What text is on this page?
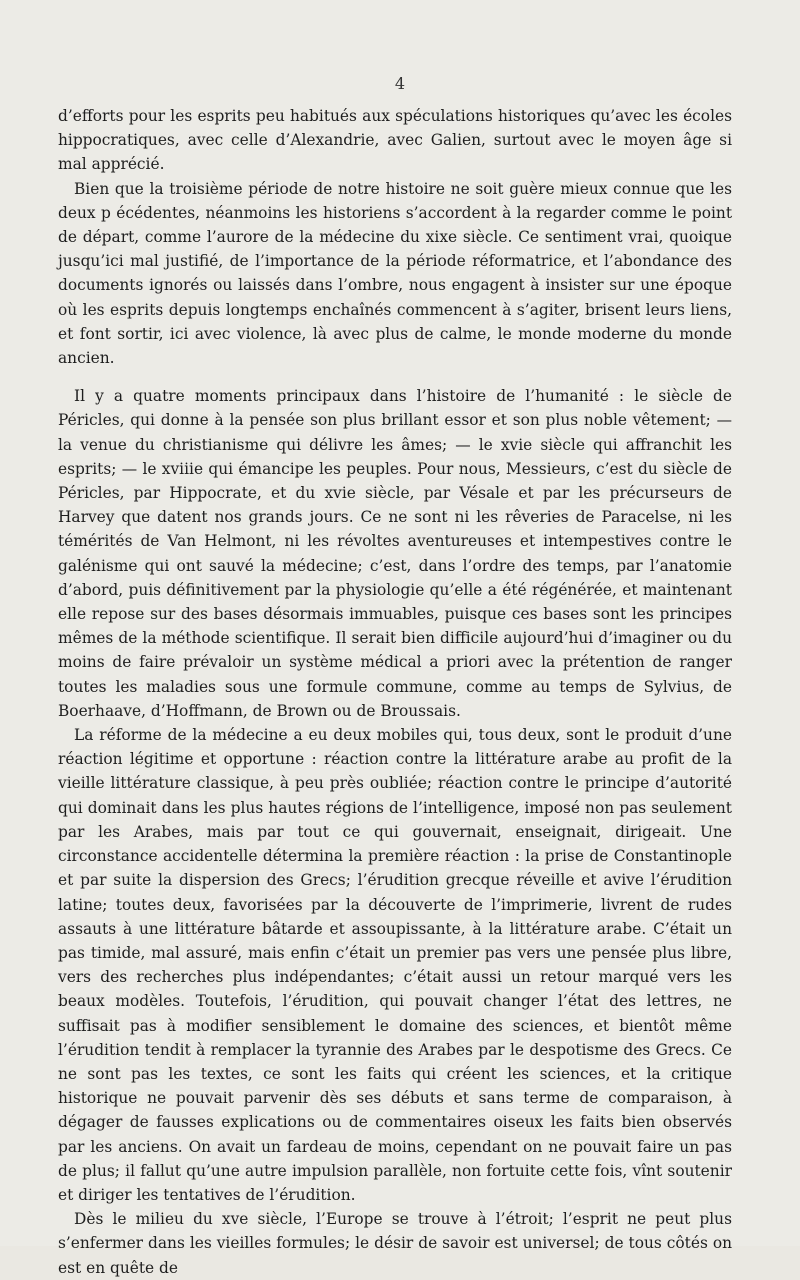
4

d’efforts pour les esprits peu habitués aux spéculations historiques qu’avec les écoles hippocratiques, avec celle d’Alexandrie, avec Galien, surtout avec le moyen âge si mal apprécié.

Bien que la troisième période de notre histoire ne soit guère mieux connue que les deux p écédentes, néanmoins les historiens s’accordent à la regarder comme le point de départ, comme l’aurore de la médecine du xixe siècle. Ce sentiment vrai, quoique jusqu’ici mal justifié, de l’importance de la période réformatrice, et l’abondance des documents ignorés ou laissés dans l’ombre, nous engagent à insister sur une époque où les esprits depuis longtemps enchaînés commencent à s’agiter, brisent leurs liens, et font sortir, ici avec violence, là avec plus de calme, le monde moderne du monde ancien.

Il y a quatre moments principaux dans l’histoire de l’humanité : le siècle de Péricles, qui donne à la pensée son plus brillant essor et son plus noble vêtement; — la venue du christianisme qui délivre les âmes; — le xvie siècle qui affranchit les esprits; — le xviiie qui émancipe les peuples. Pour nous, Messieurs, c’est du siècle de Péricles, par Hippocrate, et du xvie siècle, par Vésale et par les précurseurs de Harvey que datent nos grands jours. Ce ne sont ni les rêveries de Paracelse, ni les témérités de Van Helmont, ni les révoltes aventureuses et intempestives contre le galénisme qui ont sauvé la médecine; c’est, dans l’ordre des temps, par l’anatomie d’abord, puis définitivement par la physiologie qu’elle a été régénérée, et maintenant elle repose sur des bases désormais immuables, puisque ces bases sont les principes mêmes de la méthode scientifique. Il serait bien difficile aujourd’hui d’imaginer ou du moins de faire prévaloir un système médical a priori avec la prétention de ranger toutes les maladies sous une formule commune, comme au temps de Sylvius, de Boerhaave, d’Hoffmann, de Brown ou de Broussais.

La réforme de la médecine a eu deux mobiles qui, tous deux, sont le produit d’une réaction légitime et opportune : réaction contre la littérature arabe au profit de la vieille littérature classique, à peu près oubliée; réaction contre le principe d’autorité qui dominait dans les plus hautes régions de l’intelligence, imposé non pas seulement par les Arabes, mais par tout ce qui gouvernait, enseignait, dirigeait. Une circonstance accidentelle détermina la première réaction : la prise de Constantinople et par suite la dispersion des Grecs; l’érudition grecque réveille et avive l’érudition latine; toutes deux, favorisées par la découverte de l’imprimerie, livrent de rudes assauts à une littérature bâtarde et assoupissante, à la littérature arabe. C’était un pas timide, mal assuré, mais enfin c’était un premier pas vers une pensée plus libre, vers des recherches plus indépendantes; c’était aussi un retour marqué vers les beaux modèles. Toutefois, l’érudition, qui pouvait changer l’état des lettres, ne suffisait pas à modifier sensiblement le domaine des sciences, et bientôt même l’érudition tendit à remplacer la tyrannie des Arabes par le despotisme des Grecs. Ce ne sont pas les textes, ce sont les faits qui créent les sciences, et la critique historique ne pouvait parvenir dès ses débuts et sans terme de comparaison, à dégager de fausses explications ou de commentaires oiseux les faits bien observés par les anciens. On avait un fardeau de moins, cependant on ne pouvait faire un pas de plus; il fallut qu’une autre impulsion parallèle, non fortuite cette fois, vînt soutenir et diriger les tentatives de l’érudition.

Dès le milieu du xve siècle, l’Europe se trouve à l’étroit; l’esprit ne peut plus s’enfermer dans les vieilles formules; le désir de savoir est universel; de tous côtés on est en quête de
